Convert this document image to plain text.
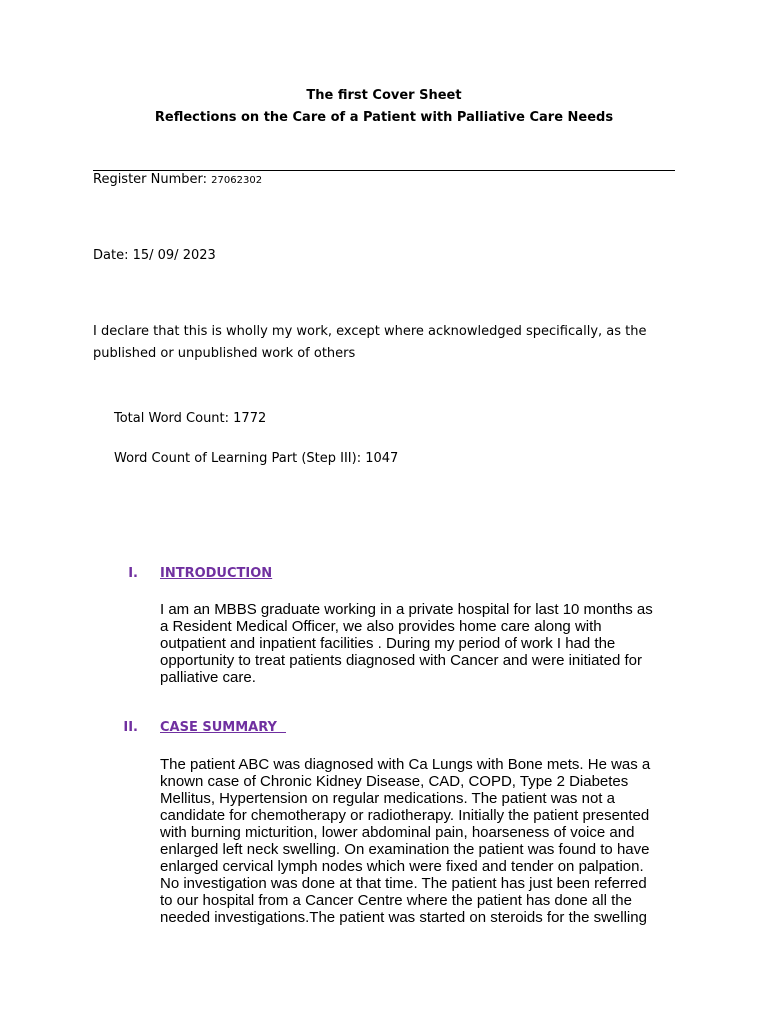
The first Cover Sheet
Reflections on the Care of a Patient with Palliative Care Needs
Register Number: 27062302
Date: 15/ 09/ 2023
I declare that this is wholly my work, except where acknowledged specifically, as the published or unpublished work of others
Total Word Count: 1772
Word Count of Learning Part (Step III): 1047
I. INTRODUCTION
I am an MBBS graduate working in a private hospital for last 10 months as
a Resident Medical Officer, we also provides home care along with
outpatient and inpatient facilities . During my period of work I had the
opportunity to treat patients diagnosed with Cancer and were initiated for
palliative care.
II. CASE SUMMARY
The patient ABC was diagnosed with Ca Lungs with Bone mets. He was a
known case of Chronic Kidney Disease, CAD, COPD, Type 2 Diabetes
Mellitus, Hypertension on regular medications. The patient was not a
candidate for chemotherapy or radiotherapy. Initially the patient presented
with burning micturition, lower abdominal pain, hoarseness of voice and
enlarged left neck swelling. On examination the patient was found to have
enlarged cervical lymph nodes which were fixed and tender on palpation.
No investigation was done at that time. The patient has just been referred
to our hospital from a Cancer Centre where the patient has done all the
needed investigations.The patient was started on steroids for the swelling
